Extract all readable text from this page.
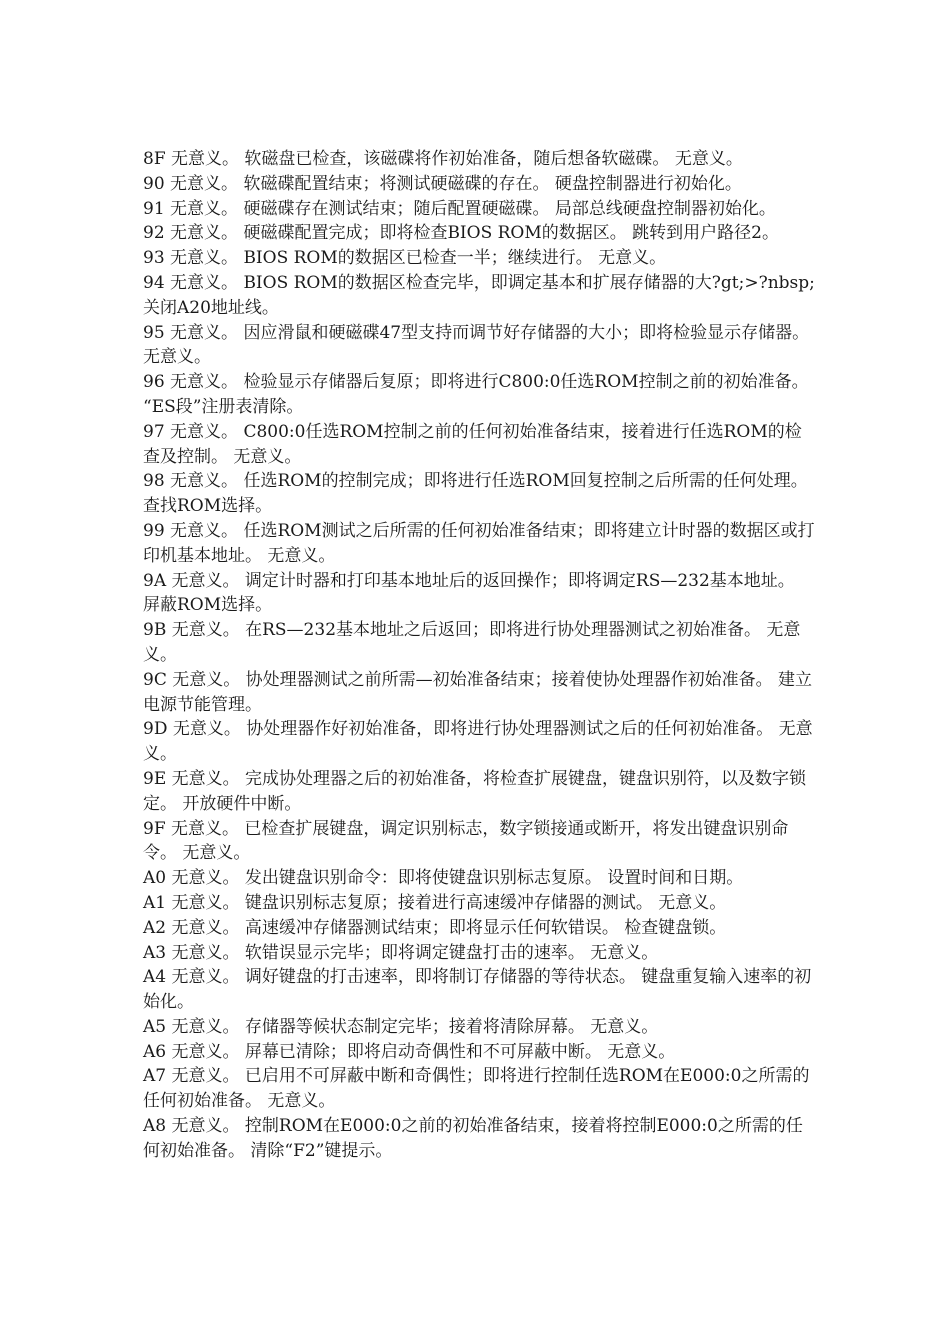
8F 无意义。 软磁盘已检查，该磁碟将作初始准备，随后想备软磁碟。 无意义。

90 无意义。 软磁碟配置结束；将测试硬磁碟的存在。 硬盘控制器进行初始化。

91 无意义。 硬磁碟存在测试结束；随后配置硬磁碟。 局部总线硬盘控制器初始化。

92 无意义。 硬磁碟配置完成；即将检查BIOS ROM的数据区。 跳转到用户路径2。

93 无意义。 BIOS ROM的数据区已检查一半；继续进行。 无意义。

94 无意义。 BIOS ROM的数据区检查完毕，即调定基本和扩展存储器的大?gt;>?nbsp;关闭A20地址线。

95 无意义。 因应滑鼠和硬磁碟47型支持而调节好存储器的大小；即将检验显示存储器。 无意义。

96 无意义。 检验显示存储器后复原；即将进行C800:0任选ROM控制之前的初始准备。 “ES段”注册表清除。

97 无意义。 C800:0任选ROM控制之前的任何初始准备结束，接着进行任选ROM的检查及控制。 无意义。

98 无意义。 任选ROM的控制完成；即将进行任选ROM回复控制之后所需的任何处理。 查找ROM选择。

99 无意义。 任选ROM测试之后所需的任何初始准备结束；即将建立计时器的数据区或打印机基本地址。 无意义。

9A 无意义。 调定计时器和打印基本地址后的返回操作；即将调定RS—232基本地址。 屏蔽ROM选择。

9B 无意义。 在RS—232基本地址之后返回；即将进行协处理器测试之初始准备。 无意义。

9C 无意义。 协处理器测试之前所需—初始准备结束；接着使协处理器作初始准备。 建立电源节能管理。

9D 无意义。 协处理器作好初始准备，即将进行协处理器测试之后的任何初始准备。 无意义。

9E 无意义。 完成协处理器之后的初始准备，将检查扩展键盘，键盘识别符，以及数字锁定。 开放硬件中断。

9F 无意义。 已检查扩展键盘，调定识别标志，数字锁接通或断开，将发出键盘识别命令。 无意义。

A0 无意义。 发出键盘识别命令：即将使键盘识别标志复原。 设置时间和日期。

A1 无意义。 键盘识别标志复原；接着进行高速缓冲存储器的测试。 无意义。

A2 无意义。 高速缓冲存储器测试结束；即将显示任何软错误。 检查键盘锁。

A3 无意义。 软错误显示完毕；即将调定键盘打击的速率。 无意义。

A4 无意义。 调好键盘的打击速率，即将制订存储器的等待状态。 键盘重复输入速率的初始化。

A5 无意义。 存储器等候状态制定完毕；接着将清除屏幕。 无意义。

A6 无意义。 屏幕已清除；即将启动奇偶性和不可屏蔽中断。 无意义。

A7 无意义。 已启用不可屏蔽中断和奇偶性；即将进行控制任选ROM在E000:0之所需的任何初始准备。 无意义。

A8 无意义。 控制ROM在E000:0之前的初始准备结束，接着将控制E000:0之所需的任何初始准备。 清除“F2”键提示。
